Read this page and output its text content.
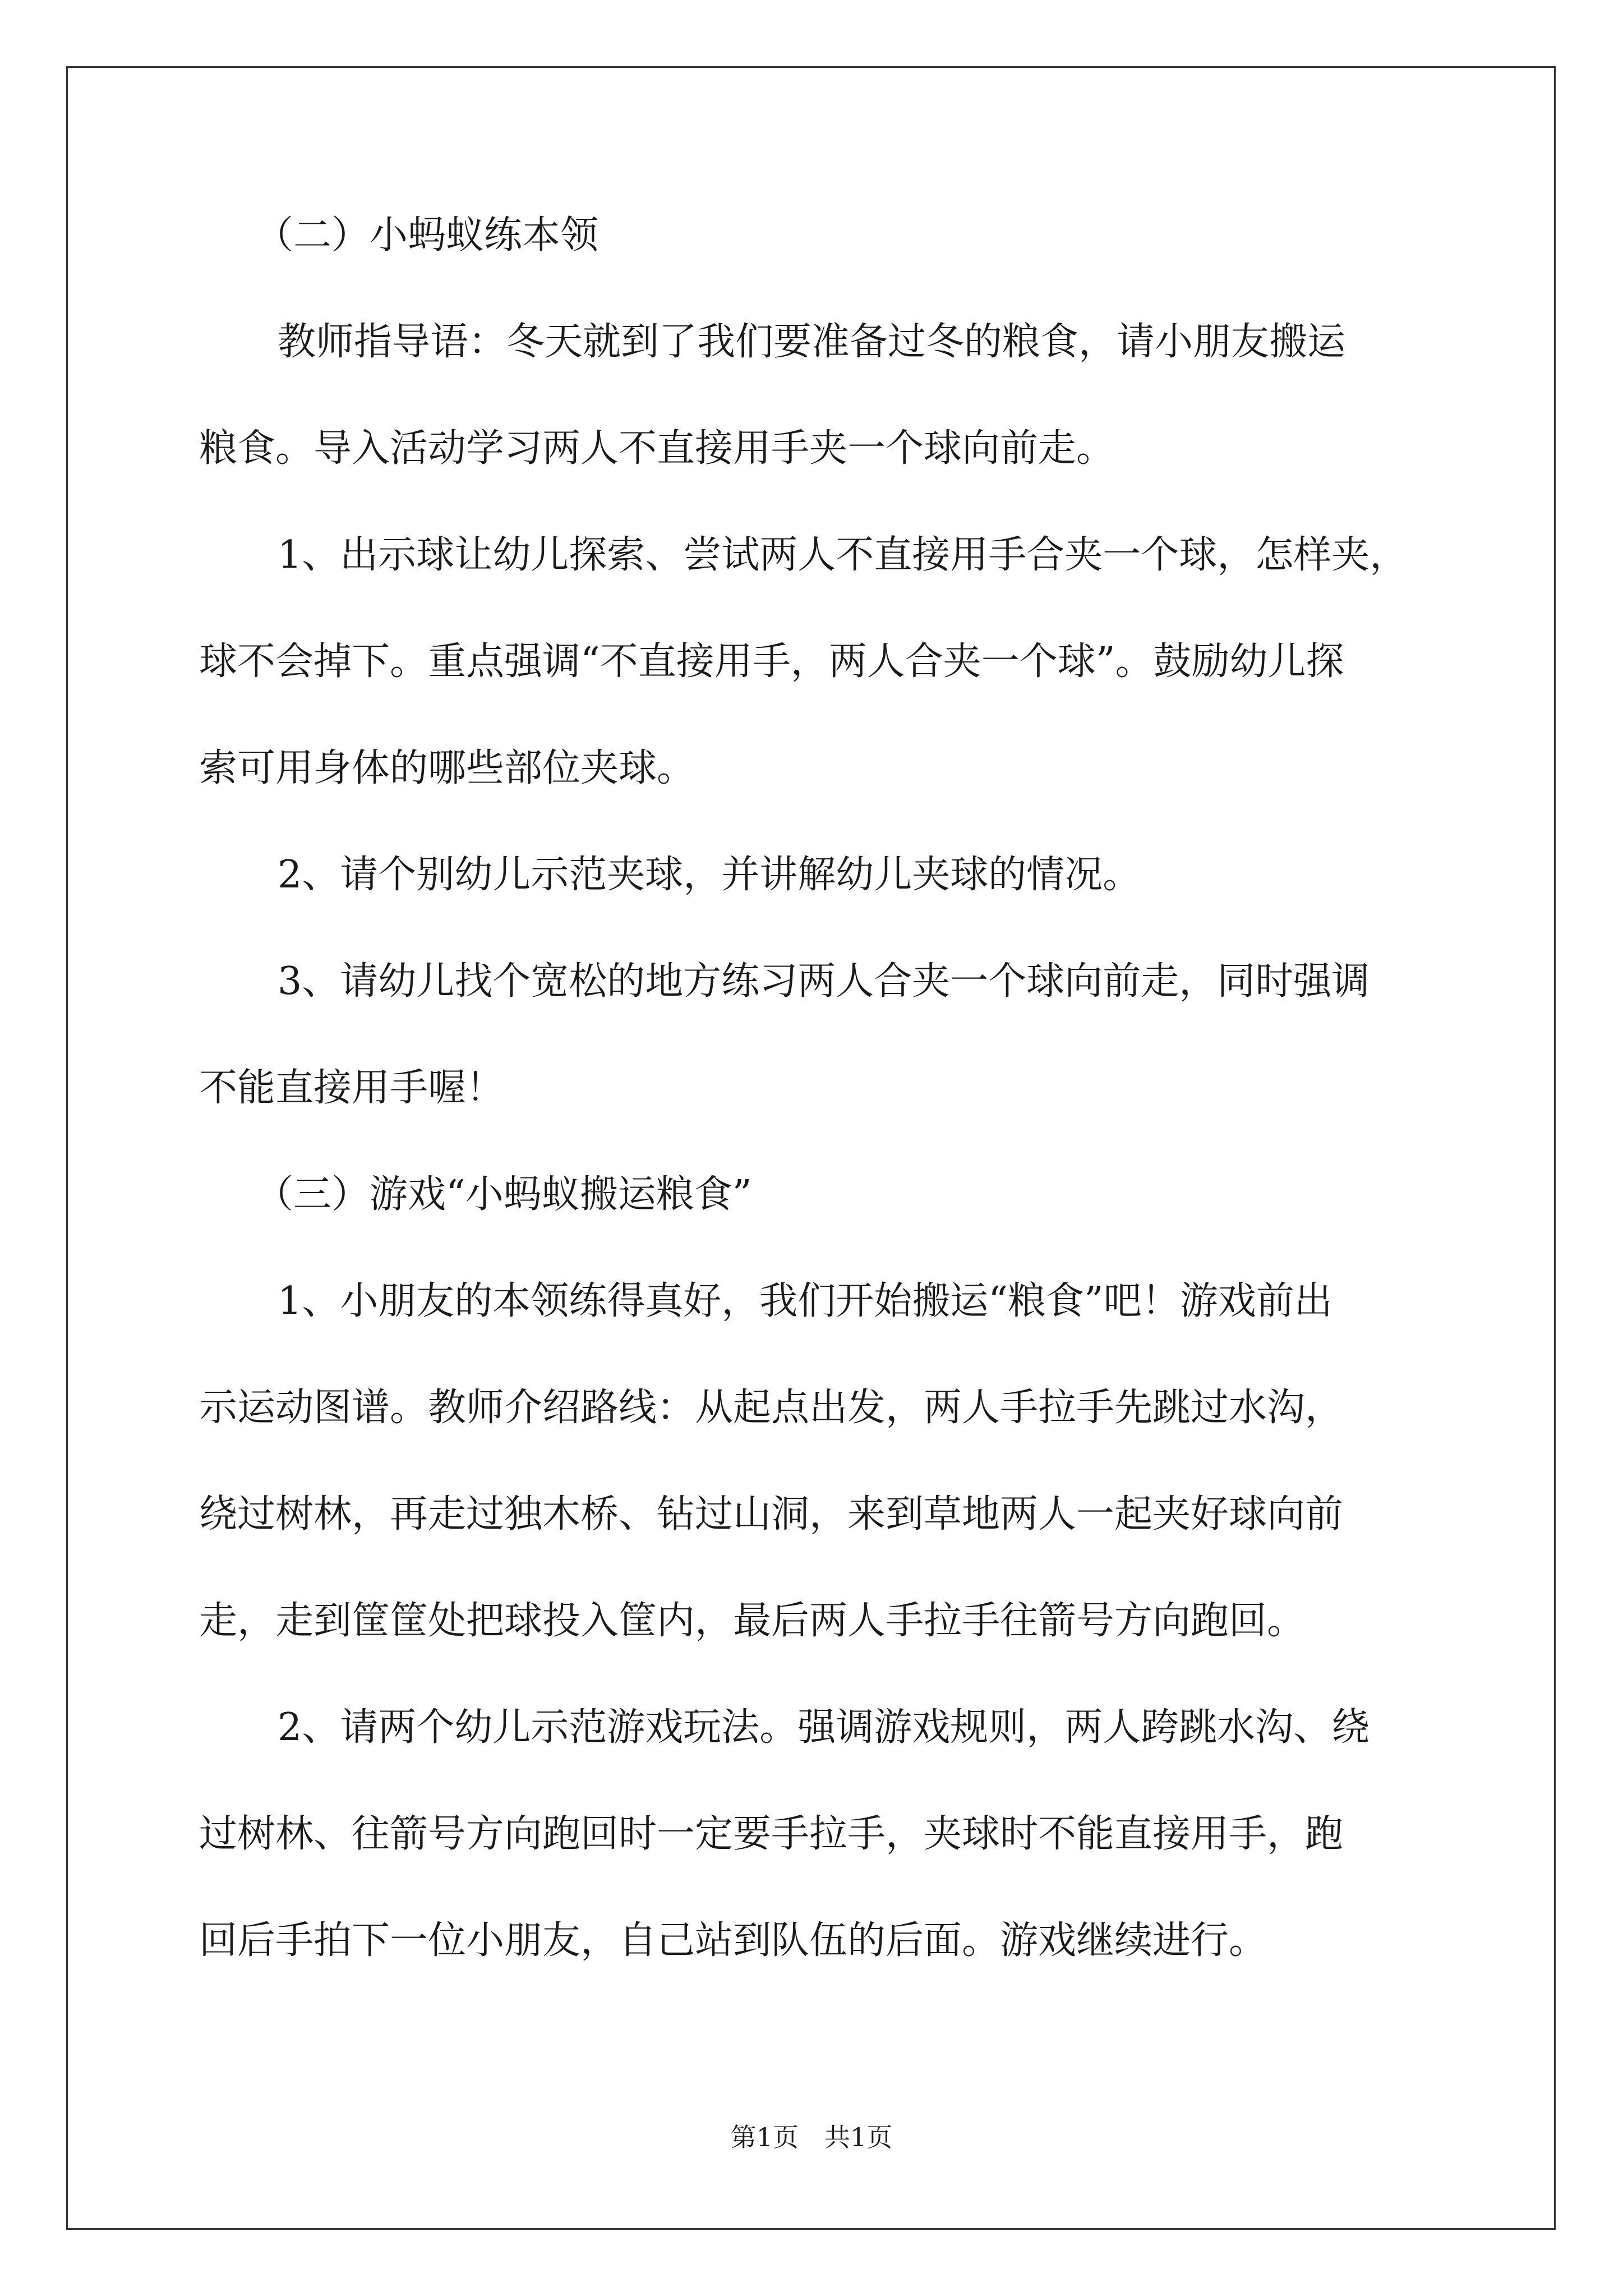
（二）小蚂蚁练本领
教师指导语：冬天就到了我们要准备过冬的粮食，请小朋友搬运
粮食。导入活动学习两人不直接用手夹一个球向前走。
1、出示球让幼儿探索、尝试两人不直接用手合夹一个球，怎样夹，
球不会掉下。重点强调“不直接用手，两人合夹一个球”。鼓励幼儿探
索可用身体的哪些部位夹球。
2、请个别幼儿示范夹球，并讲解幼儿夹球的情况。
3、请幼儿找个宽松的地方练习两人合夹一个球向前走，同时强调
不能直接用手喔！
（三）游戏“小蚂蚁搬运粮食”
1、小朋友的本领练得真好，我们开始搬运“粮食”吧！游戏前出
示运动图谱。教师介绍路线：从起点出发，两人手拉手先跳过水沟，
绕过树林，再走过独木桥、钻过山洞，来到草地两人一起夹好球向前
走，走到筐筐处把球投入筐内，最后两人手拉手往箭号方向跑回。
2、请两个幼儿示范游戏玩法。强调游戏规则，两人跨跳水沟、绕
过树林、往箭号方向跑回时一定要手拉手，夹球时不能直接用手，跑
回后手拍下一位小朋友，自己站到队伍的后面。游戏继续进行。
第1页　共1页
